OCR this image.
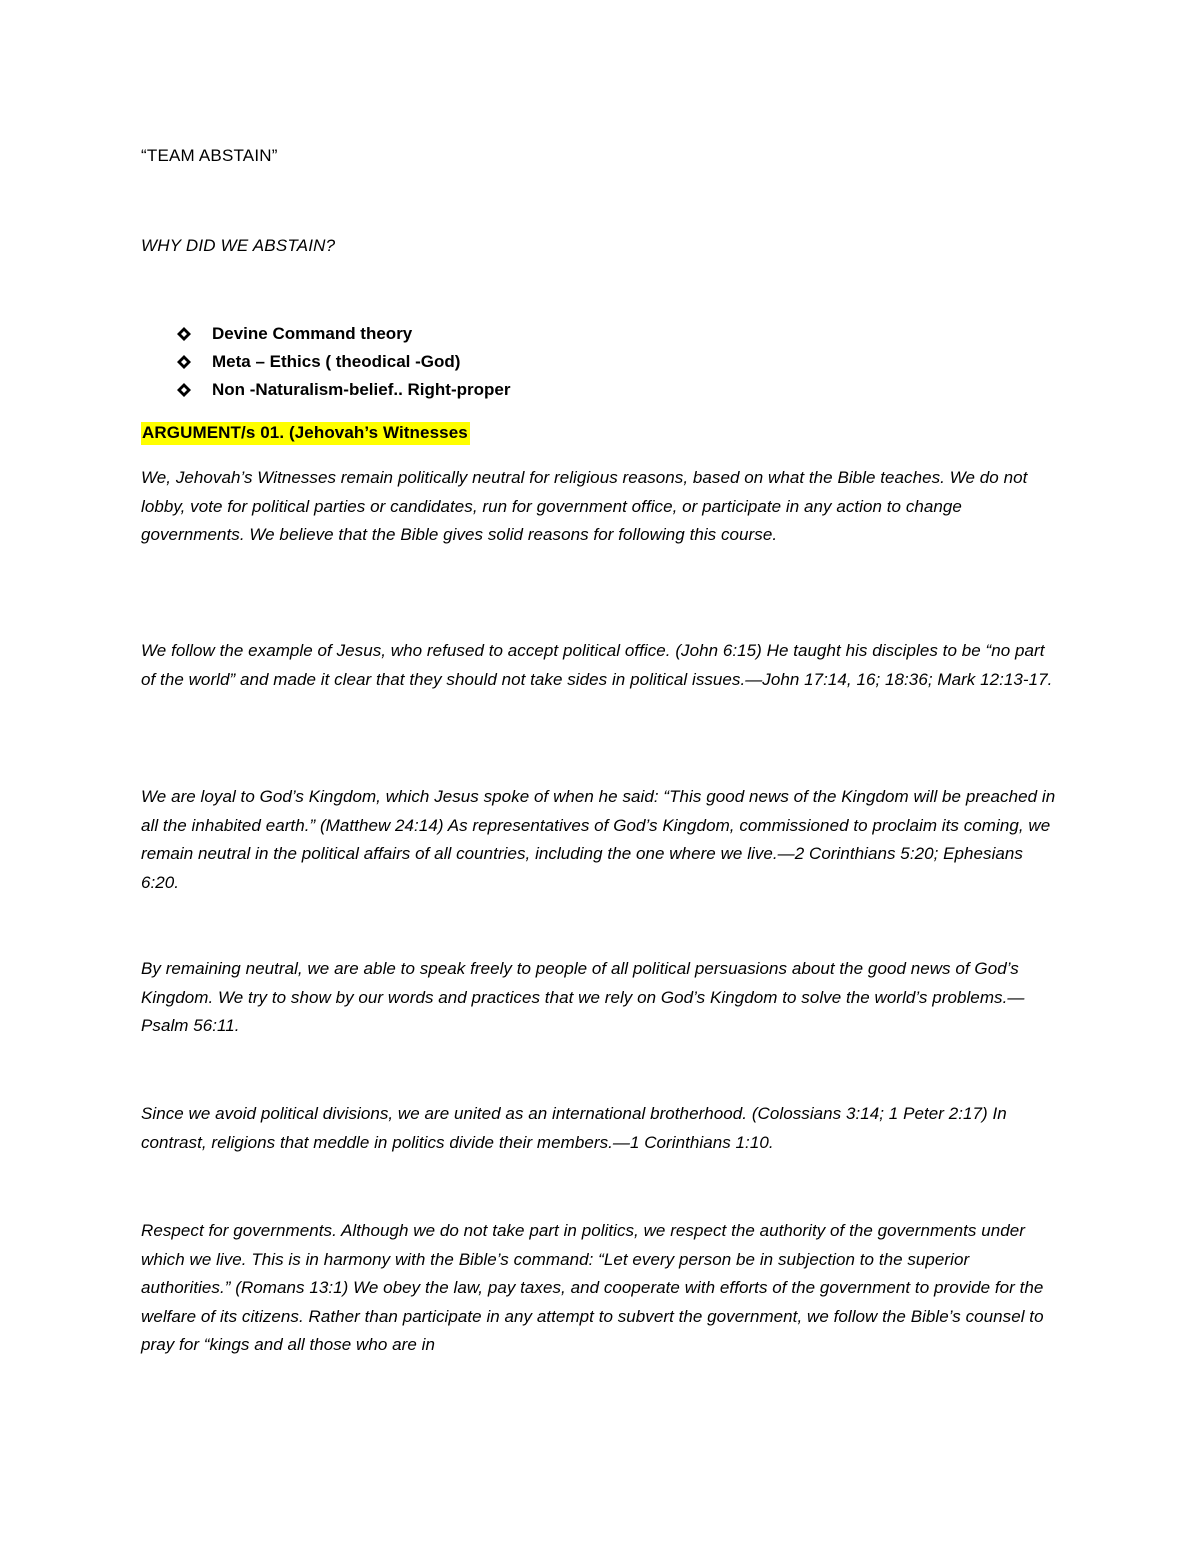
“TEAM ABSTAIN”
WHY DID WE ABSTAIN?
Devine Command theory
Meta – Ethics ( theodical -God)
Non -Naturalism-belief.. Right-proper
ARGUMENT/s 01. (Jehovah’s Witnesses

We, Jehovah’s Witnesses remain politically neutral for religious reasons, based on what the Bible teaches. We do not lobby, vote for political parties or candidates, run for government office, or participate in any action to change governments. We believe that the Bible gives solid reasons for following this course.

We follow the example of Jesus, who refused to accept political office. (John 6:15) He taught his disciples to be “no part of the world” and made it clear that they should not take sides in political issues.—John 17:14, 16; 18:36; Mark 12:13-17.

We are loyal to God’s Kingdom, which Jesus spoke of when he said: “This good news of the Kingdom will be preached in all the inhabited earth.” (Matthew 24:14) As representatives of God’s Kingdom, commissioned to proclaim its coming, we remain neutral in the political affairs of all countries, including the one where we live.—2 Corinthians 5:20; Ephesians 6:20.

By remaining neutral, we are able to speak freely to people of all political persuasions about the good news of God’s Kingdom. We try to show by our words and practices that we rely on God’s Kingdom to solve the world’s problems.—Psalm 56:11.

Since we avoid political divisions, we are united as an international brotherhood. (Colossians 3:14; 1 Peter 2:17) In contrast, religions that meddle in politics divide their members.—1 Corinthians 1:10.

Respect for governments. Although we do not take part in politics, we respect the authority of the governments under which we live. This is in harmony with the Bible’s command: “Let every person be in subjection to the superior authorities.” (Romans 13:1) We obey the law, pay taxes, and cooperate with efforts of the government to provide for the welfare of its citizens. Rather than participate in any attempt to subvert the government, we follow the Bible’s counsel to pray for “kings and all those who are in
